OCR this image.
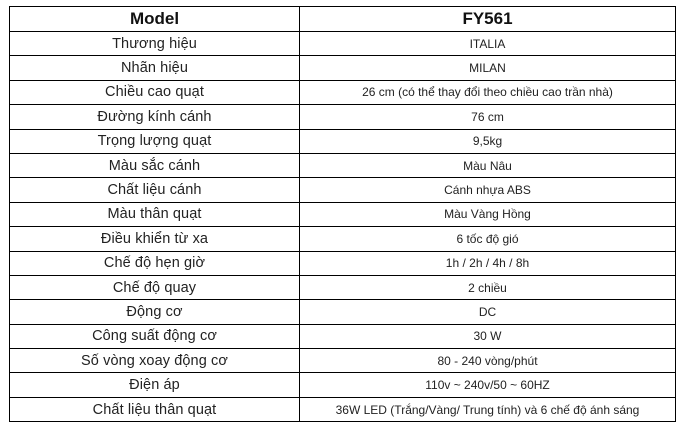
Model	FY561
Thương hiệu	ITALIA
Nhãn hiệu	MILAN
Chiều cao quạt	26 cm (có thể thay đổi theo chiều cao trần nhà)
Đường kính cánh	76 cm
Trọng lượng quạt	9,5kg
Màu sắc cánh	Màu Nâu
Chất liệu cánh	Cánh nhựa ABS
Màu thân quạt	Màu Vàng Hồng
Điều khiển từ xa	6 tốc độ gió
Chế độ hẹn giờ	1h / 2h / 4h / 8h
Chế độ quay	2 chiều
Động cơ	DC
Công suất động cơ	30 W
Số vòng xoay động cơ	80 - 240 vòng/phút
Điện áp	110v ~ 240v/50 ~ 60HZ
Chất liệu thân quạt	36W LED (Trắng/Vàng/ Trung tính) và 6 chế độ ánh sáng
